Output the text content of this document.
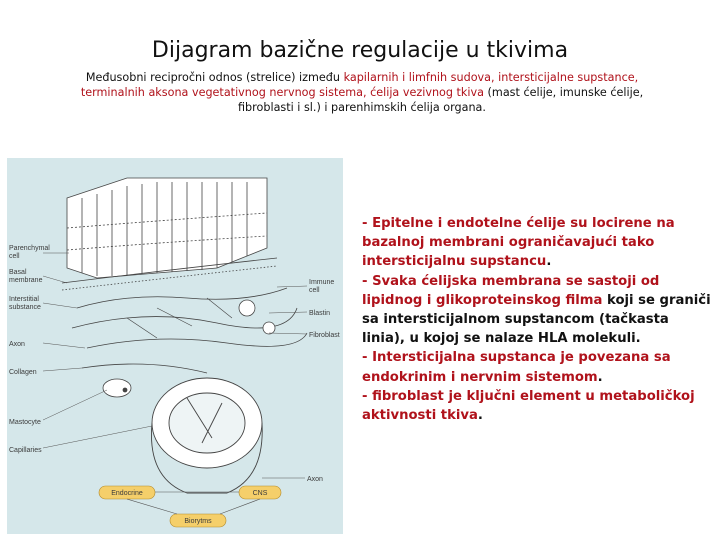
Dijagram bazične regulacije u tkivima
Međusobni recipročni odnos (strelice) između kapilarnih i limfnih sudova, intersticijalne supstance, terminalnih aksona vegetativnog nervnog sistema, ćelija vezivnog tkiva (mast ćelije, imunske ćelije, fibroblasti i sl.) i parenhimskih ćelija organa.
Parenchymal
cell
Basal
membrane
Interstitial
substance
Axon
Collagen
Mastocyte
Capillaries
Immune
cell
Blastin
Fibroblast
Axon
Endocrine	CNS
Biorytms

- Epitelne i endotelne ćelije su locirene na bazalnoj membrani ograničavajući tako intersticijalnu supstancu.

- Svaka ćelijska membrana se sastoji od lipidnog i glikoproteinskog filma koji se graniči sa intersticijalnom supstancom (tačkasta linia), u kojoj se nalaze HLA molekuli.

- Intersticijalna supstanca je povezana sa endokrinim i nervnim sistemom.

- fibroblast je ključni element u metaboličkoj aktivnosti tkiva.
